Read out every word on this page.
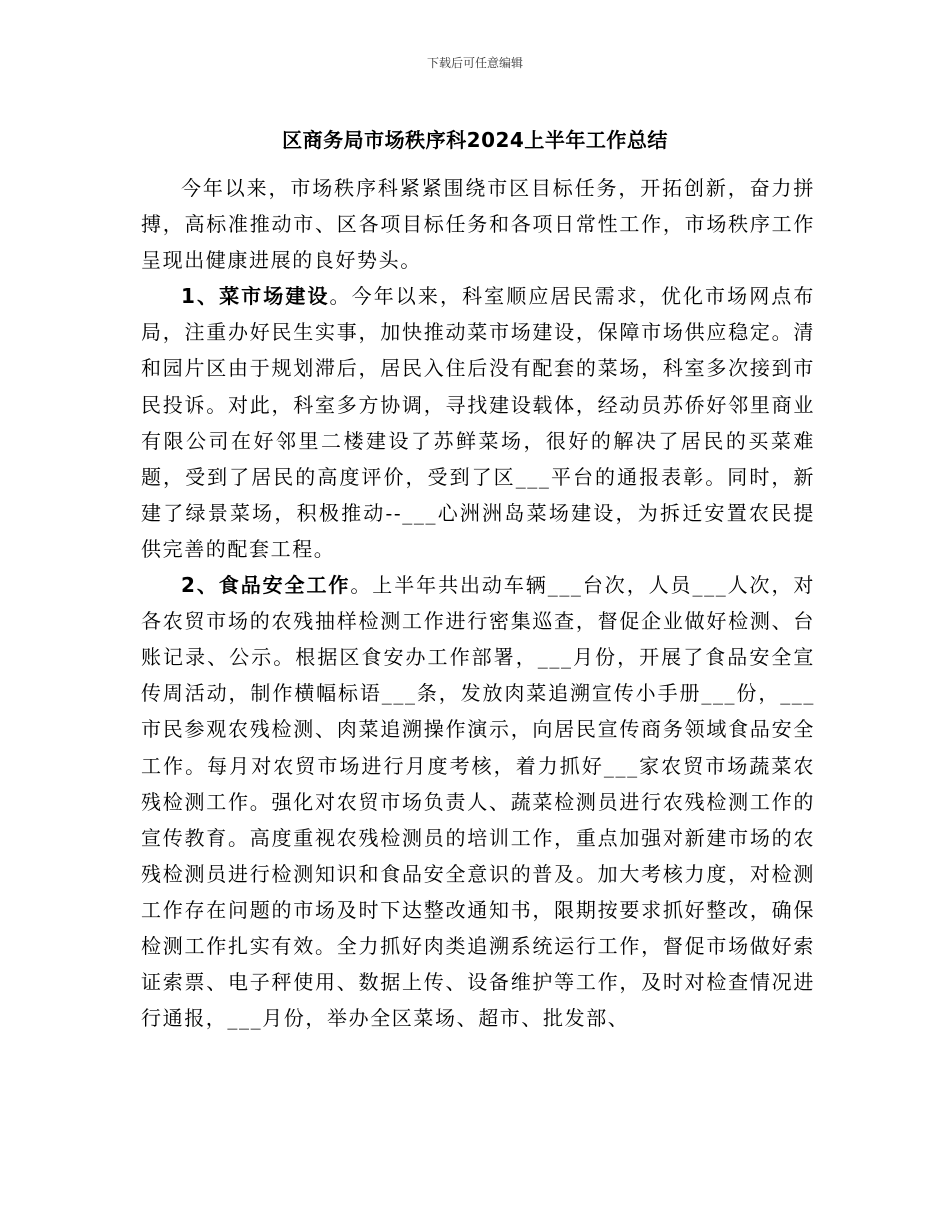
下载后可任意编辑
区商务局市场秩序科2024上半年工作总结

今年以来，市场秩序科紧紧围绕市区目标任务，开拓创新，奋力拼搏，高标准推动市、区各项目标任务和各项日常性工作，市场秩序工作呈现出健康进展的良好势头。

1、菜市场建设。今年以来，科室顺应居民需求，优化市场网点布局，注重办好民生实事，加快推动菜市场建设，保障市场供应稳定。清和园片区由于规划滞后，居民入住后没有配套的菜场，科室多次接到市民投诉。对此，科室多方协调，寻找建设载体，经动员苏侨好邻里商业有限公司在好邻里二楼建设了苏鲜菜场，很好的解决了居民的买菜难题，受到了居民的高度评价，受到了区___平台的通报表彰。同时，新建了绿景菜场，积极推动--___心洲洲岛菜场建设，为拆迁安置农民提供完善的配套工程。

2、食品安全工作。上半年共出动车辆___台次，人员___人次，对各农贸市场的农残抽样检测工作进行密集巡查，督促企业做好检测、台账记录、公示。根据区食安办工作部署，___月份，开展了食品安全宣传周活动，制作横幅标语___条，发放肉菜追溯宣传小手册___份，___市民参观农残检测、肉菜追溯操作演示，向居民宣传商务领域食品安全工作。每月对农贸市场进行月度考核，着力抓好___家农贸市场蔬菜农残检测工作。强化对农贸市场负责人、蔬菜检测员进行农残检测工作的宣传教育。高度重视农残检测员的培训工作，重点加强对新建市场的农残检测员进行检测知识和食品安全意识的普及。加大考核力度，对检测工作存在问题的市场及时下达整改通知书，限期按要求抓好整改，确保检测工作扎实有效。全力抓好肉类追溯系统运行工作，督促市场做好索证索票、电子秤使用、数据上传、设备维护等工作，及时对检查情况进行通报，___月份，举办全区菜场、超市、批发部、
